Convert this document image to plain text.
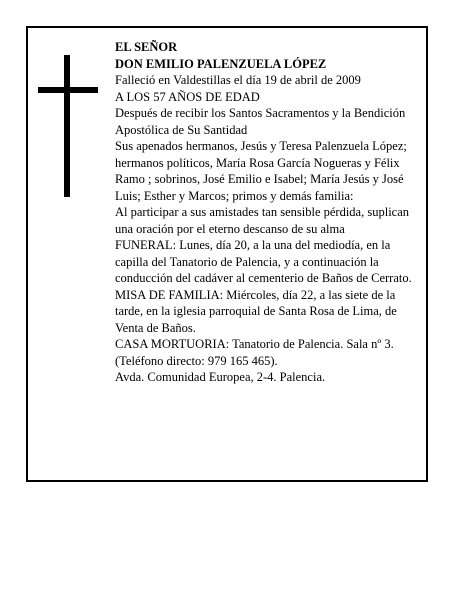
EL SEÑOR
DON EMILIO PALENZUELA LÓPEZ
Falleció en Valdestillas el día 19 de abril de 2009
A LOS 57 AÑOS DE EDAD
Después de recibir los Santos Sacramentos y la Bendición Apostólica de Su Santidad
Sus apenados hermanos, Jesús y Teresa Palenzuela López; hermanos políticos, María Rosa García Nogueras y Félix Ramo ; sobrinos, José Emilio e Isabel; María Jesús y José Luis; Esther y Marcos; primos y demás familia:
Al participar a sus amistades tan sensible pérdida, suplican una oración por el eterno descanso de su alma
FUNERAL: Lunes, día 20, a la una del mediodía, en la capilla del Tanatorio de Palencia, y a continuación la conducción del cadáver al cementerio de Baños de Cerrato.
MISA DE FAMILIA: Miércoles, día 22, a las siete de la tarde, en la iglesia parroquial de Santa Rosa de Lima, de Venta de Baños.
CASA MORTUORIA: Tanatorio de Palencia. Sala nº 3. (Teléfono directo: 979 165 465).
Avda. Comunidad Europea, 2-4. Palencia.
